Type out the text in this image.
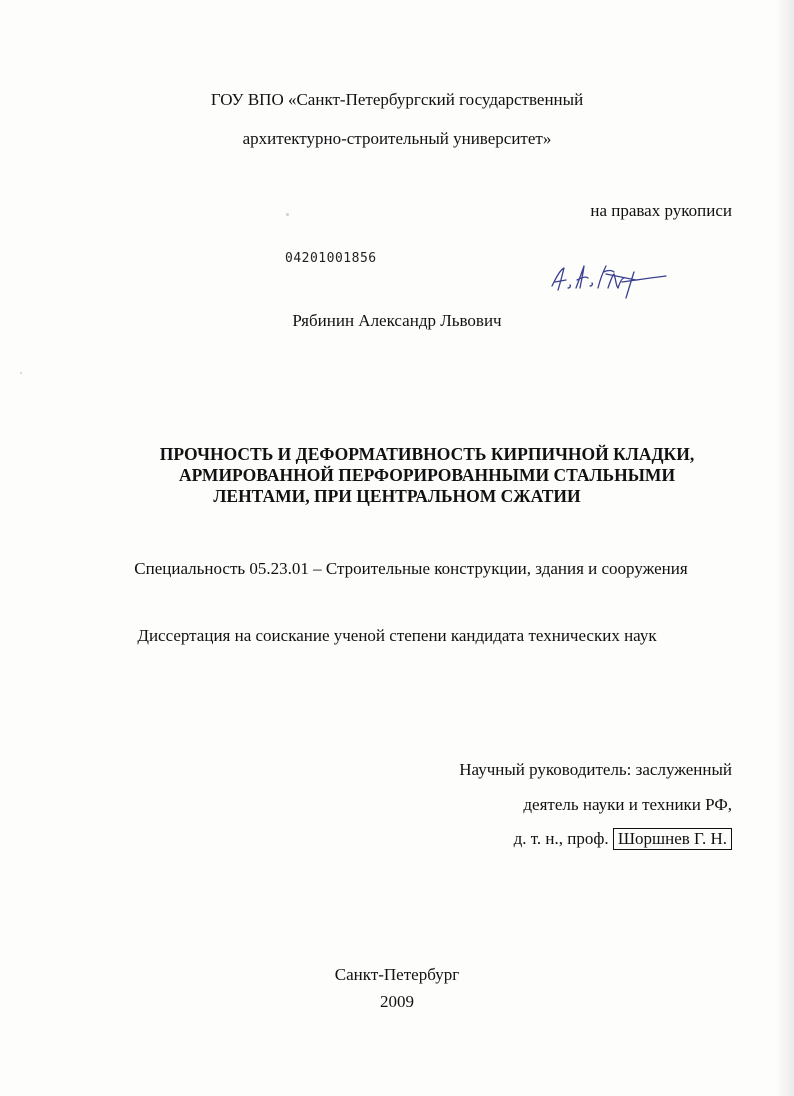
ГОУ ВПО «Санкт-Петербургский государственный
архитектурно-строительный университет»
на правах рукописи
04201001856
Рябинин Александр Львович
ПРОЧНОСТЬ И ДЕФОРМАТИВНОСТЬ КИРПИЧНОЙ КЛАДКИ,
АРМИРОВАННОЙ ПЕРФОРИРОВАННЫМИ СТАЛЬНЫМИ
ЛЕНТАМИ, ПРИ ЦЕНТРАЛЬНОМ СЖАТИИ
Специальность 05.23.01 – Строительные конструкции, здания и сооружения
Диссертация на соискание ученой степени кандидата технических наук
Научный руководитель: заслуженный
деятель науки и техники РФ,
д. т. н., проф. Шоршнев Г. Н.
Санкт-Петербург
2009
